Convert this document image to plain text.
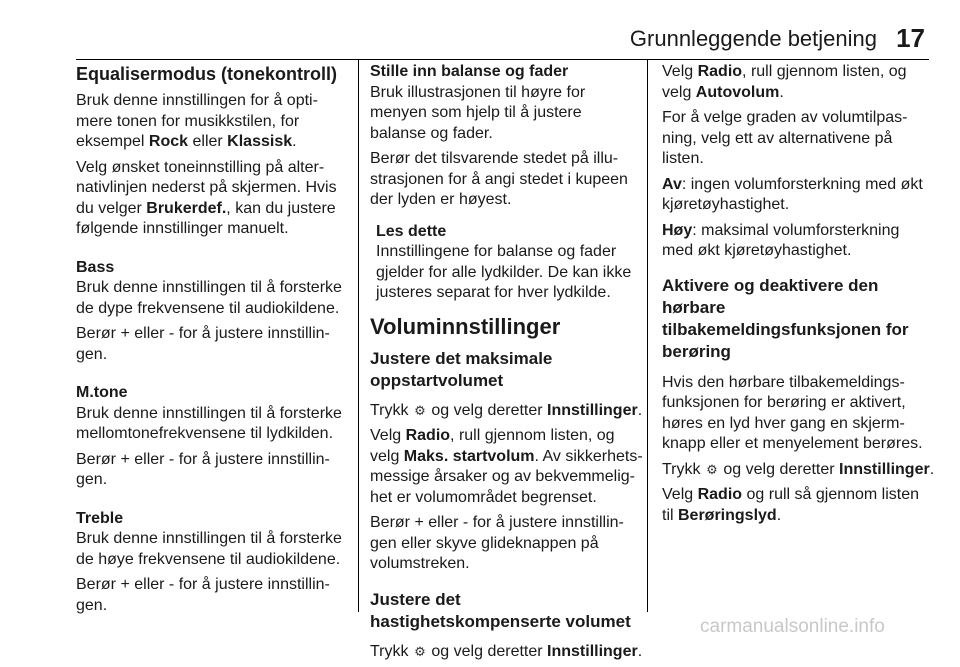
Grunnleggende betjening 17
Equalisermodus (tonekontroll)

Bruk denne innstillingen for å opti-
mere tonen for musikkstilen, for
eksempel Rock eller Klassisk.

Velg ønsket toneinnstilling på alter-
nativlinjen nederst på skjermen. Hvis
du velger Brukerdef., kan du justere
følgende innstillinger manuelt.

Bass

Bruk denne innstillingen til å forsterke
de dype frekvensene til audiokildene.

Berør + eller - for å justere innstillin-
gen.

M.tone

Bruk denne innstillingen til å forsterke
mellomtonefrekvensene til lydkilden.

Berør + eller - for å justere innstillin-
gen.

Treble

Bruk denne innstillingen til å forsterke
de høye frekvensene til audiokildene.

Berør + eller - for å justere innstillin-
gen.

Stille inn balanse og fader

Bruk illustrasjonen til høyre for
menyen som hjelp til å justere
balanse og fader.

Berør det tilsvarende stedet på illu-
strasjonen for å angi stedet i kupeen
der lyden er høyest.

Les dette
Innstillingene for balanse og fader
gjelder for alle lydkilder. De kan ikke
justeres separat for hver lydkilde.
Voluminnstillinger
Justere det maksimale
oppstartvolumet

Trykk ⚙ og velg deretter Innstillinger.

Velg Radio, rull gjennom listen, og
velg Maks. startvolum. Av sikkerhets-
messige årsaker og av bekvemmelig-
het er volumområdet begrenset.

Berør + eller - for å justere innstillin-
gen eller skyve glideknappen på
volumstreken.

Justere det
hastighetskompenserte volumet

Trykk ⚙ og velg deretter Innstillinger.

Velg Radio, rull gjennom listen, og
velg Autovolum.

For å velge graden av volumtilpas-
ning, velg ett av alternativene på
listen.

Av: ingen volumforsterkning med økt
kjøretøyhastighet.

Høy: maksimal volumforsterkning
med økt kjøretøyhastighet.

Aktivere og deaktivere den
hørbare
tilbakemeldingsfunksjonen for
berøring

Hvis den hørbare tilbakemeldings-
funksjonen for berøring er aktivert,
høres en lyd hver gang en skjerm-
knapp eller et menyelement berøres.

Trykk ⚙ og velg deretter Innstillinger.

Velg Radio og rull så gjennom listen
til Berøringslyd.

carmanualsonline.info
